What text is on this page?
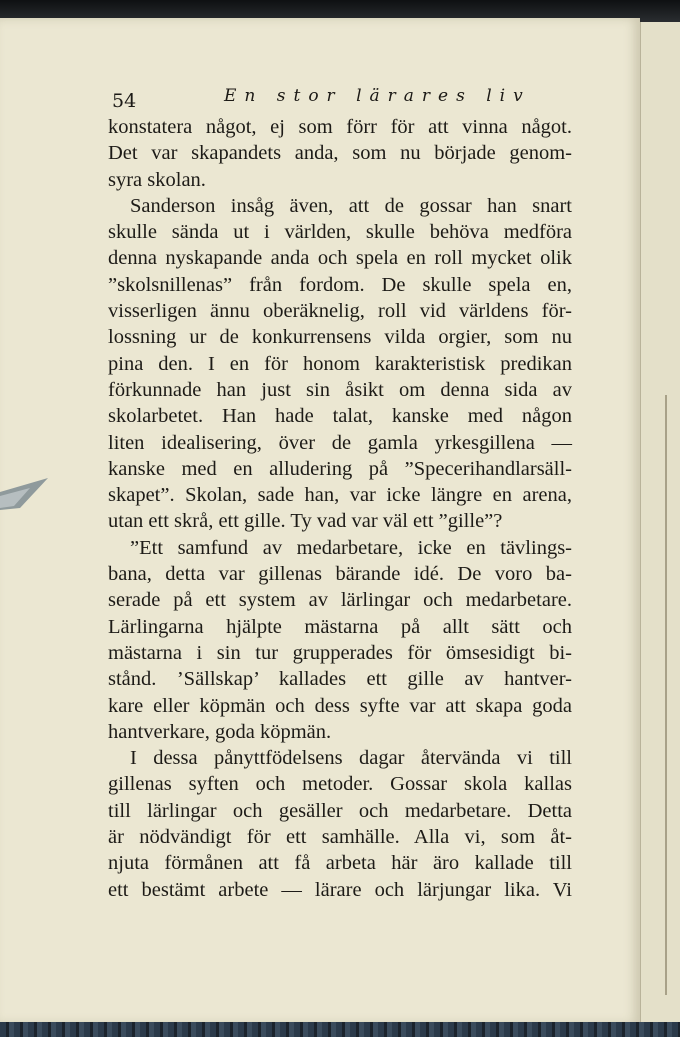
54	En stor lärares liv
konstatera något, ej som förr för att vinna något.
Det var skapandets anda, som nu började genom-
syra skolan.
Sanderson insåg även, att de gossar han snart
skulle sända ut i världen, skulle behöva medföra
denna nyskapande anda och spela en roll mycket olik
”skolsnillenas” från fordom. De skulle spela en,
visserligen ännu oberäknelig, roll vid världens för-
lossning ur de konkurrensens vilda orgier, som nu
pina den. I en för honom karakteristisk predikan
förkunnade han just sin åsikt om denna sida av
skolarbetet. Han hade talat, kanske med någon
liten idealisering, över de gamla yrkesgillena —
kanske med en alludering på ”Specerihandlarsäll-
skapet”. Skolan, sade han, var icke längre en arena,
utan ett skrå, ett gille. Ty vad var väl ett ”gille”?
”Ett samfund av medarbetare, icke en tävlings-
bana, detta var gillenas bärande idé. De voro ba-
serade på ett system av lärlingar och medarbetare.
Lärlingarna hjälpte mästarna på allt sätt och
mästarna i sin tur grupperades för ömsesidigt bi-
stånd. ’Sällskap’ kallades ett gille av hantver-
kare eller köpmän och dess syfte var att skapa goda
hantverkare, goda köpmän.
I dessa pånyttfödelsens dagar återvända vi till
gillenas syften och metoder. Gossar skola kallas
till lärlingar och gesäller och medarbetare. Detta
är nödvändigt för ett samhälle. Alla vi, som åt-
njuta förmånen att få arbeta här äro kallade till
ett bestämt arbete — lärare och lärjungar lika. Vi
